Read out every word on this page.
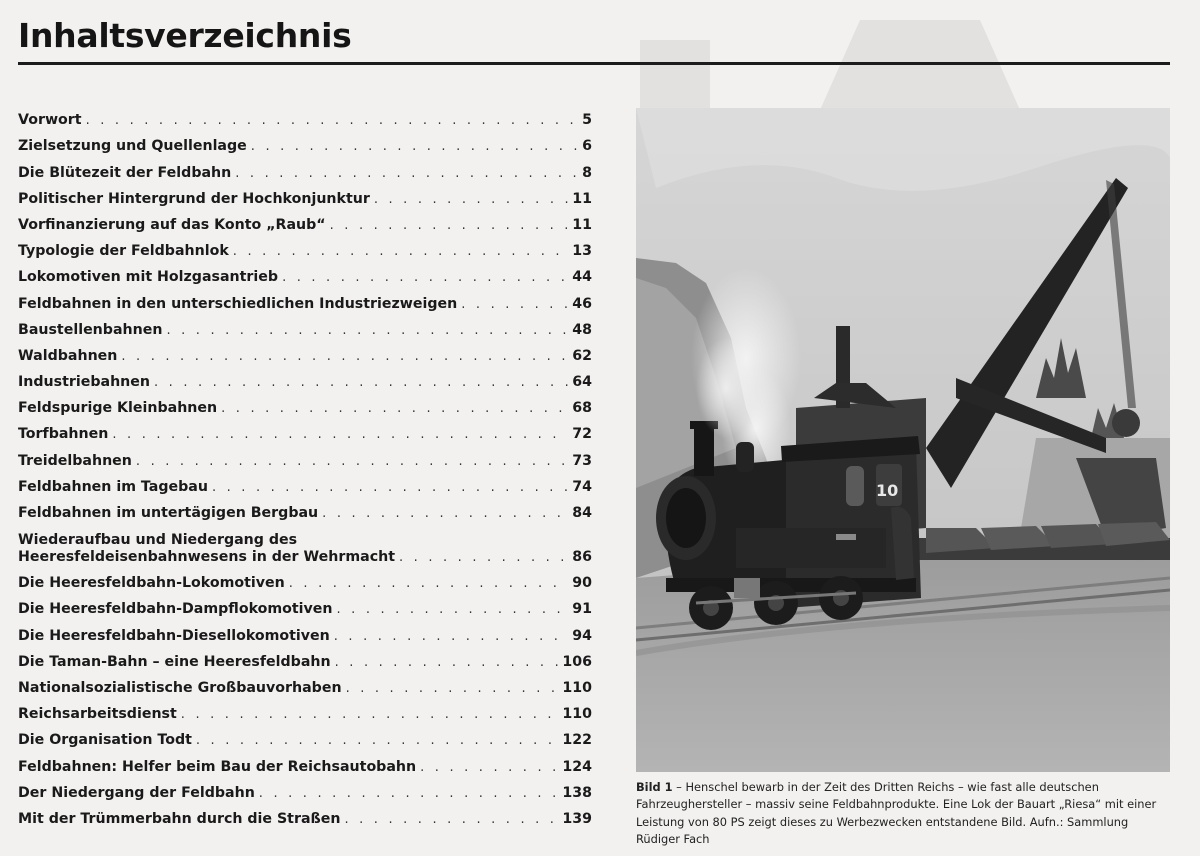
Inhaltsverzeichnis
Vorwort . . .	5
Zielsetzung und Quellenlage . . .	6
Die Blütezeit der Feldbahn . . .	8
Politischer Hintergrund der Hochkonjunktur . . .	11
Vorfinanzierung auf das Konto „Raub“ . . .	11
Typologie der Feldbahnlok . . .	13
Lokomotiven mit Holzgasantrieb . . .	44
Feldbahnen in den unterschiedlichen Industriezweigen . . .	46
Baustellenbahnen . . .	48
Waldbahnen . . .	62
Industriebahnen . . .	64
Feldspurige Kleinbahnen . . .	68
Torfbahnen . . .	72
Treidelbahnen . . .	73
Feldbahnen im Tagebau . . .	74
Feldbahnen im untertägigen Bergbau . . .	84
Wiederaufbau und Niedergang des
Heeresfeldeisenbahnwesens in der Wehrmacht . . .	86
Die Heeresfeldbahn-Lokomotiven . . .	90
Die Heeresfeldbahn-Dampflokomotiven . . .	91
Die Heeresfeldbahn-Diesellokomotiven . . .	94
Die Taman-Bahn – eine Heeresfeldbahn . . .	106
Nationalsozialistische Großbauvorhaben . . .	110
Reichsarbeitsdienst . . .	110
Die Organisation Todt . . .	122
Feldbahnen: Helfer beim Bau der Reichsautobahn . . .	124
Der Niedergang der Feldbahn . . .	138
Mit der Trümmerbahn durch die Straßen . . .	139
10
Bild 1 – Henschel bewarb in der Zeit des Dritten Reichs – wie fast alle deutschen Fahrzeughersteller – massiv seine Feldbahnprodukte. Eine Lok der Bauart „Riesa“ mit einer Leistung von 80 PS zeigt dieses zu Werbezwecken entstandene Bild. Aufn.: Sammlung Rüdiger Fach
